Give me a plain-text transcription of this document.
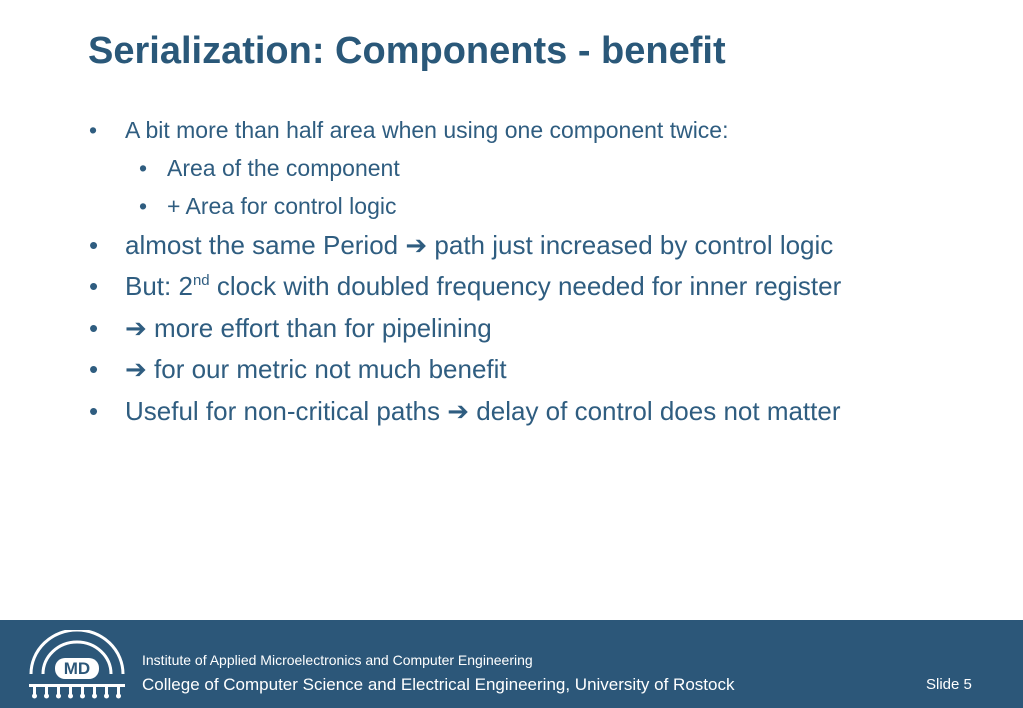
Serialization: Components - benefit
• A bit more than half area when using one component twice:
• Area of the component
• + Area for control logic
• almost the same Period ➔ path just increased by control logic
• But: 2nd clock with doubled frequency needed for inner register
• ➔ more effort than for pipelining
• ➔ for our metric not much benefit
• Useful for non-critical paths ➔ delay of control does not matter
MD	Institute of Applied Microelectronics and Computer Engineering
College of Computer Science and Electrical Engineering, University of Rostock	Slide 5
